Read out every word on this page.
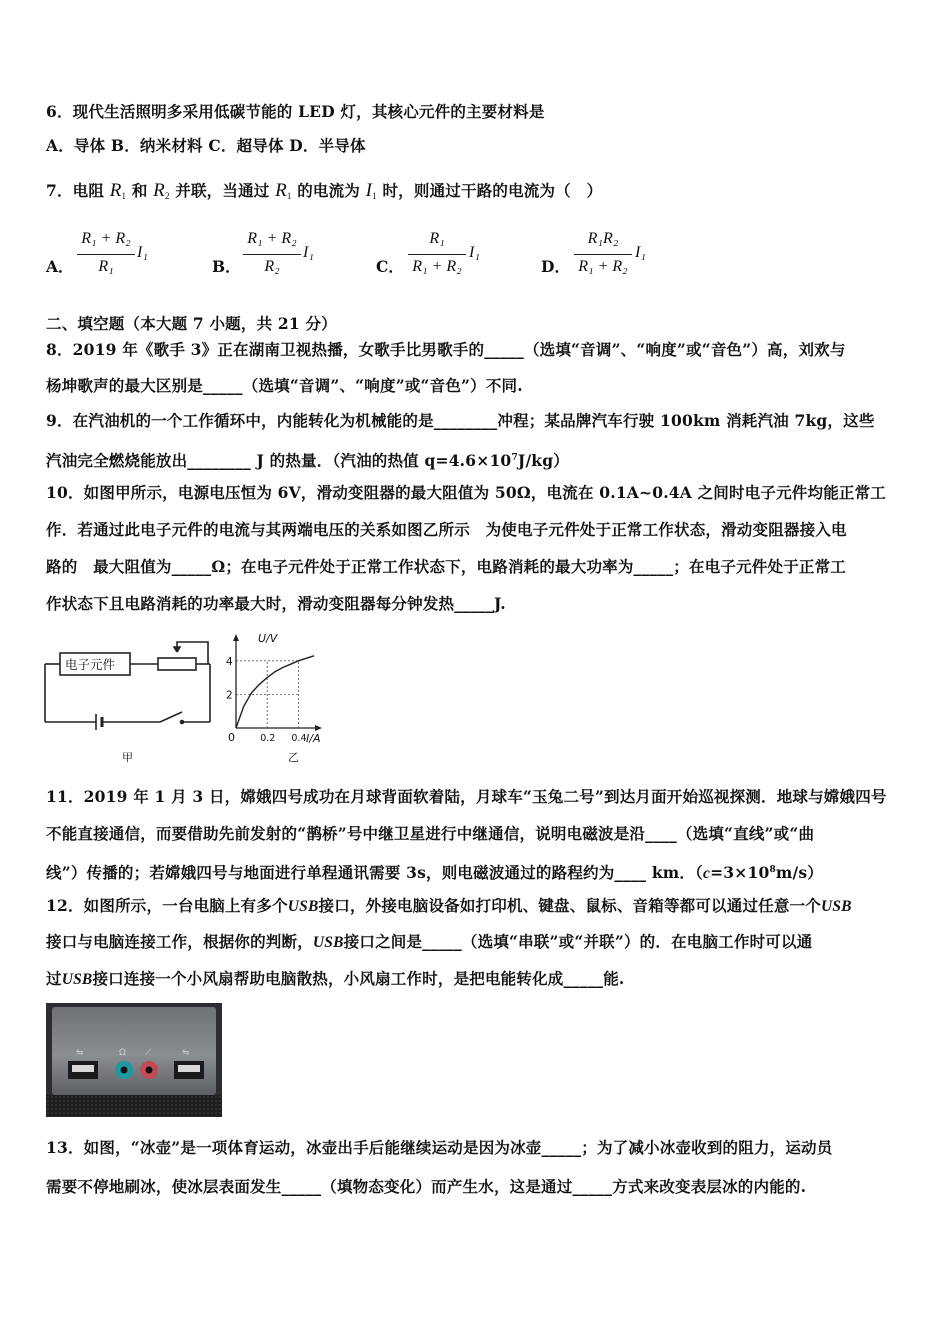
6．现代生活照明多采用低碳节能的 LED 灯，其核心元件的主要材料是
A．导体 B．纳米材料 C．超导体 D．半导体
7．电阻 $R_1$ 和 $R_2$ 并联，当通过 $R_1$ 的电流为 $I_1$ 时，则通过干路的电流为（　）
A．
R₁ + R₂
R₁
I₁
B．
R₁ + R₂
R₂
I₁
C．
R₁
R₁ + R₂
I₁
D．
R₁R₂
R₁ + R₂
I₁
二、填空题（本大题 7 小题，共 21 分）
8．2019 年《歌手 3》正在湖南卫视热播，女歌手比男歌手的_____（选填“音调”、“响度”或“音色”）高，刘欢与
杨坤歌声的最大区别是_____（选填“音调”、“响度”或“音色”）不同.
9．在汽油机的一个工作循环中，内能转化为机械能的是________冲程；某品牌汽车行驶 100km 消耗汽油 7kg，这些
汽油完全燃烧能放出________ J 的热量．（汽油的热值 $q=4.6\times 10^7J/kg$）
10．如图甲所示，电源电压恒为 6V，滑动变阻器的最大阻值为 50Ω，电流在 0.1A~0.4A 之间时电子元件均能正常工
作．若通过此电子元件的电流与其两端电压的关系如图乙所示　为使电子元件处于正常工作状态，滑动变阻器接入电
路的　最大阻值为_____Ω；在电子元件处于正常工作状态下，电路消耗的最大功率为_____；在电子元件处于正常工
作状态下且电路消耗的功率最大时，滑动变阻器每分钟发热_____J.
电子元件
甲
U/V
I/A
0
2
4
0.2 0.4
乙
11．2019 年 1 月 3 日，嫦娥四号成功在月球背面软着陆，月球车“玉兔二号”到达月面开始巡视探测．地球与嫦娥四号
不能直接通信，而要借助先前发射的“鹊桥”号中继卫星进行中继通信，说明电磁波是沿____（选填“直线”或“曲
线”）传播的；若嫦娥四号与地面进行单程通讯需要 3s，则电磁波通过的路程约为____ km．$(c=3\times 10^8m/s)$
12．如图所示，一台电脑上有多个USB接口，外接电脑设备如打印机、键盘、鼠标、音箱等都可以通过任意一个USB
接口与电脑连接工作，根据你的判断，USB接口之间是_____（选填“串联”或“并联”）的．在电脑工作时可以通
过USB接口连接一个小风扇帮助电脑散热，小风扇工作时，是把电能转化成_____能.
⇋	Ω ⟋	⇋
13．如图，“冰壶”是一项体育运动，冰壶出手后能继续运动是因为冰壶_____；为了减小冰壶收到的阻力，运动员
需要不停地刷冰，使冰层表面发生_____（填物态变化）而产生水，这是通过_____方式来改变表层冰的内能的.
